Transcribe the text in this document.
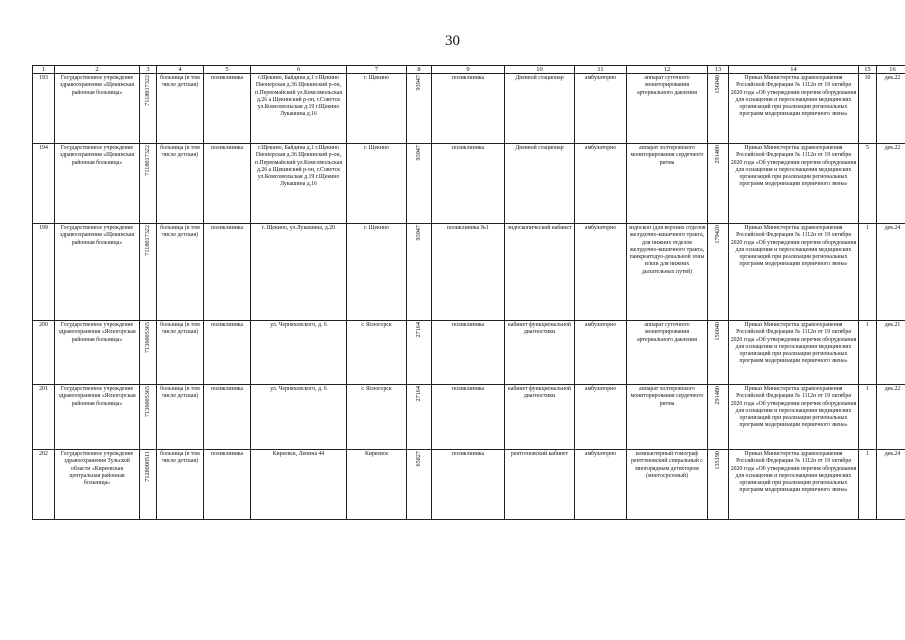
30
1	2	3	4	5	6	7	8	9	10	11	12	13	14	15	16
193	Государственное учреждение здравоохранения «Щекинская районная больница»	7118017322	больница (в том числе детская)	поликлиника	г.Щекино, Байдина д.1 г.Щекино Пионерская д.36 Щекинский р-он, п.Первомайский ул.Комсомольская д.26 а Щекинский р-он, г.Советск ул.Комсомольская д.19 г.Щекино Лукашина д.16	г. Щекино	93947	поликлиника	Дневной стационар	амбулаторно	аппарат суточного мониторирования артериального давления	156040	Приказ Министерства здравоохранения Российской Федерации № 1112н от 19 октября 2020 года «Об утверждении перечня оборудования для оснащения и переоснащения медицинских организаций при реализации региональных программ модернизации первичного звена»	10	дек.22
194	Государственное учреждение здравоохранения «Щекинская районная больница»	7118017322	больница (в том числе детская)	поликлиника	г.Щекино, Байдина д.1 г.Щекино Пионерская д.36 Щекинский р-он, п.Первомайский ул.Комсомольская д.26 а Щекинский р-он, г.Советск ул.Комсомольская д.19 г.Щекино Лукашина д.16	г. Щекино	93947	поликлиника	Дневной стационар	амбулаторно	аппарат холтеровского мониторирования сердечного ритма	291480	Приказ Министерства здравоохранения Российской Федерации № 1112н от 19 октября 2020 года «Об утверждении перечня оборудования для оснащения и переоснащения медицинских организаций при реализации региональных программ модернизации первичного звена»	5	дек.22
199	Государственное учреждение здравоохранения «Щекинская районная больница»	7118017322	больница (в том числе детская)	поликлиника	г. Щекино, ул.Лукашина, д.20	г. Щекино	93947	поликлиника №1	эндоскопический кабинет	амбулаторно	эндоскоп (для верхних отделов желудочно-кишечного тракта, для нижних отделов желудочно-кишечного тракта, панкреатодуо-денальной зоны и/или для нижних дыхательных путей)	179420	Приказ Министерства здравоохранения Российской Федерации № 1112н от 19 октября 2020 года «Об утверждении перечня оборудования для оснащения и переоснащения медицинских организаций при реализации региональных программ модернизации первичного звена»	1	дек.24
200	Государственное учреждение здравоохранения «Ясногорская районная больница»	7136005365	больница (в том числе детская)	поликлиника	ул. Черняховского, д. 6	г. Ясногорск	27164	поликлиника	кабинет функциональной диагностики	амбулаторно	аппарат суточного мониторирования артериального давления	156040	Приказ Министерства здравоохранения Российской Федерации № 1112н от 19 октября 2020 года «Об утверждении перечня оборудования для оснащения и переоснащения медицинских организаций при реализации региональных программ модернизации первичного звена»	1	дек.21
201	Государственное учреждение здравоохранения «Ясногорская районная больница»	7136005365	больница (в том числе детская)	поликлиника	ул. Черняховского, д. 6	г. Ясногорск	27164	поликлиника	кабинет функциональной диагностики	амбулаторно	аппарат холтеровского мониторирования сердечного ритма	291480	Приказ Министерства здравоохранения Российской Федерации № 1112н от 19 октября 2020 года «Об утверждении перечня оборудования для оснащения и переоснащения медицинских организаций при реализации региональных программ модернизации первичного звена»	1	дек.22
202	Государственное учреждение здравоохранения Тульской области «Киреевская центральная районная больница»	7128000511	больница (в том числе детская)	поликлиника	Киреевск, Ленина 44	Киреевск	65827	поликлиника	рентгеновский кабинет	амбулаторно	компьютерный томограф рентгеновский спиральный с многорядным детектором (многосрезовый)	135190	Приказ Министерства здравоохранения Российской Федерации № 1112н от 19 октября 2020 года «Об утверждении перечня оборудования для оснащения и переоснащения медицинских организаций при реализации региональных программ модернизации первичного звена»	1	дек.24
